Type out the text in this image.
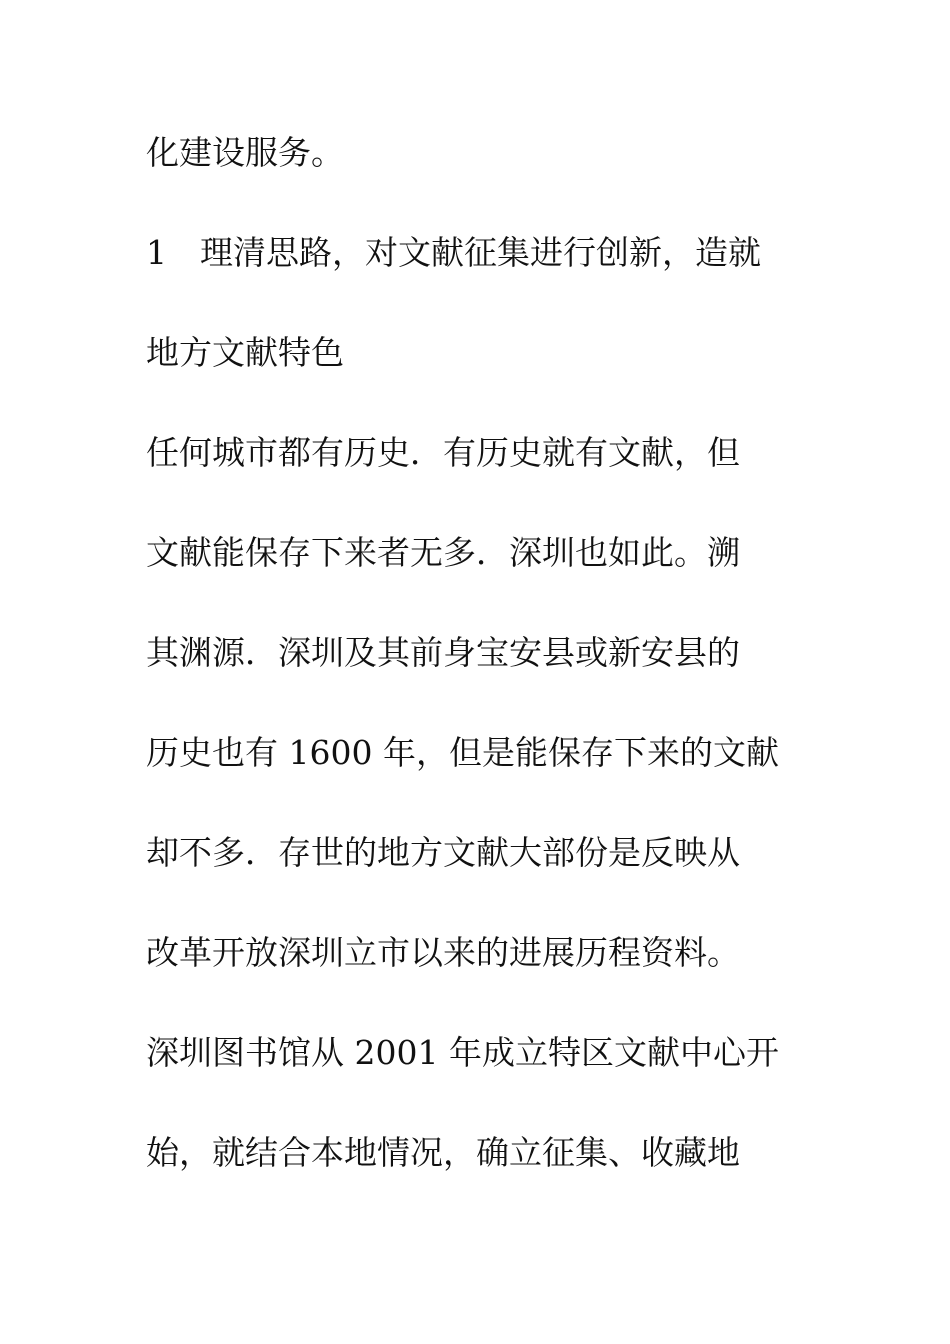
化建设服务。
1　理清思路，对文献征集进行创新，造就
地方文献特色
任何城市都有历史．有历史就有文献，但
文献能保存下来者无多．深圳也如此。溯
其渊源．深圳及其前身宝安县或新安县的
历史也有 1600 年，但是能保存下来的文献
却不多．存世的地方文献大部份是反映从
改革开放深圳立市以来的进展历程资料。
深圳图书馆从 2001 年成立特区文献中心开
始，就结合本地情况，确立征集、收藏地
